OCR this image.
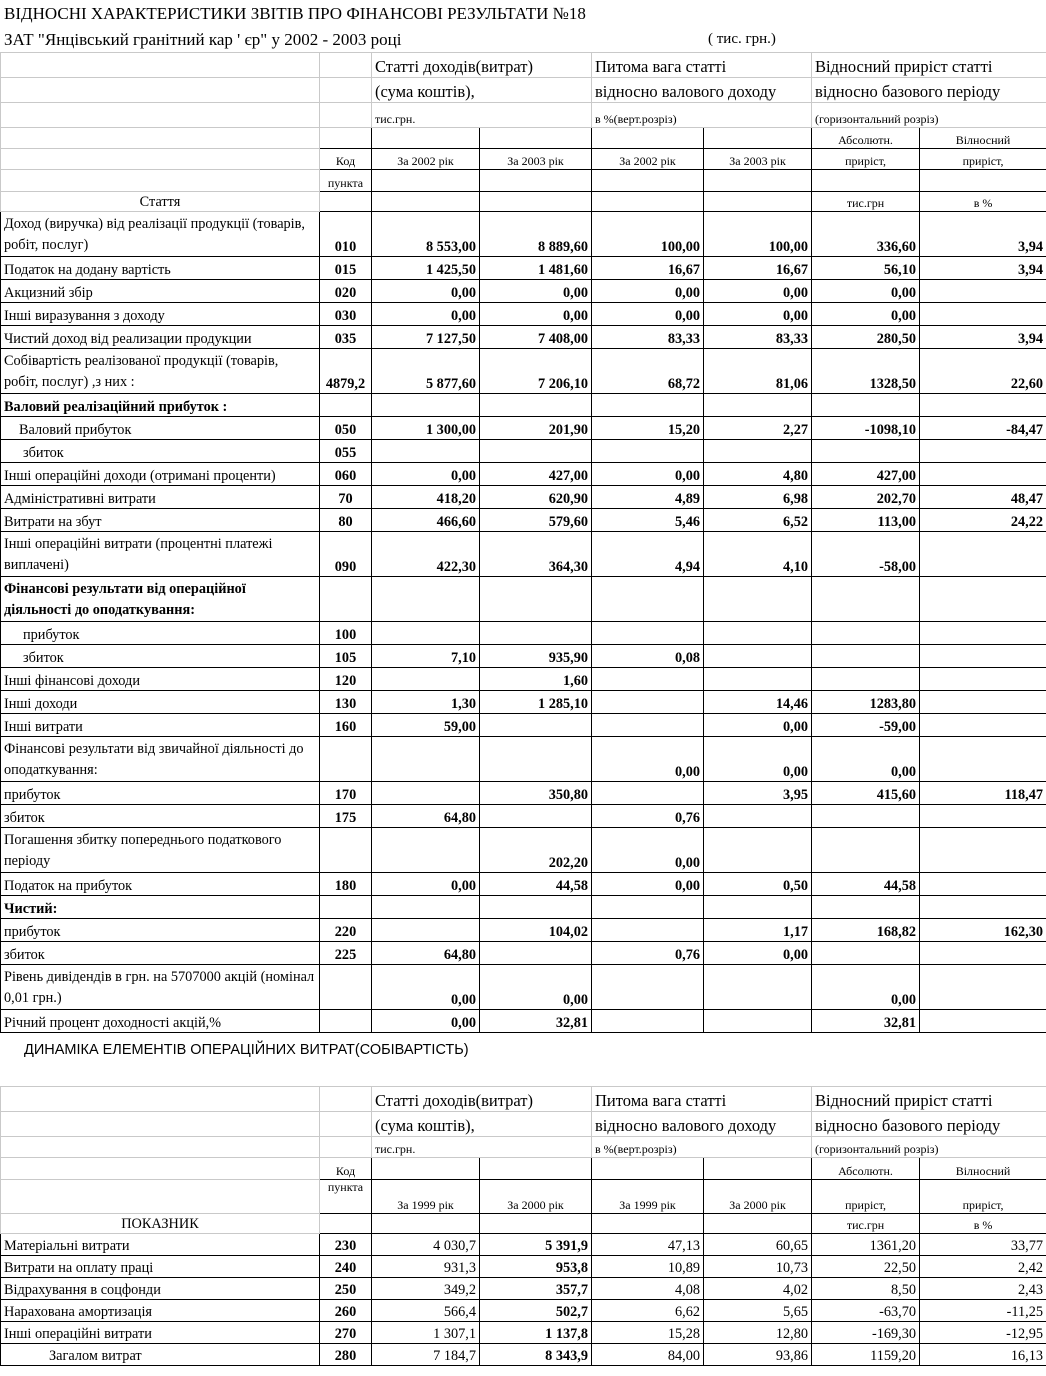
ВІДНОСНІ ХАРАКТЕРИСТИКИ ЗВІТІВ ПРО ФІНАНСОВІ РЕЗУЛЬТАТИ №18
ЗАТ "Янцівський гранітний кар ' єр" у 2002 - 2003 році	( тис. грн.)
		Статті доходів(витрат)		Питома вага статті		Відносний приріст статті	
		(сума коштів),		відносно валового доходу		відносно базового періоду	
		тис.грн.		в %(верт.розріз)		(горизонтальний розріз)	
						Абсолютн.	Вілносний
	Код	За 2002 рік	За 2003 рік	За 2002 рік	За 2003 рік	приріст,	приріст,
	пункта						
Стаття						тис.грн	в %
Доход (виручка) від реалізації продукції (товарів, робіт, послуг)	010	8 553,00	8 889,60	100,00	100,00	336,60	3,94
Податок на додану вартість	015	1 425,50	1 481,60	16,67	16,67	56,10	3,94
Акцизний збір	020	0,00	0,00	0,00	0,00	0,00	
Інші виразування з доходу	030	0,00	0,00	0,00	0,00	0,00	
Чистий доход від реализации продукции	035	7 127,50	7 408,00	83,33	83,33	280,50	3,94
Собівартість реалізованої продукції (товарів, робіт, послуг) ,з них :	4879,2	5 877,60	7 206,10	68,72	81,06	1328,50	22,60
Валовий реалізаційний прибуток :							
Валовий прибуток	050	1 300,00	201,90	15,20	2,27	-1098,10	-84,47
збиток	055						
Інші операційні доходи (отримані проценти)	060	0,00	427,00	0,00	4,80	427,00	
Адміністративні витрати	70	418,20	620,90	4,89	6,98	202,70	48,47
Витрати на збут	80	466,60	579,60	5,46	6,52	113,00	24,22
Інші операційні витрати (процентні платежі виплачені)	090	422,30	364,30	4,94	4,10	-58,00	
Фінансові результати від операційної діяльності до оподаткування:							
прибуток	100						
збиток	105	7,10	935,90	0,08			
Інші фінансові доходи	120		1,60				
Інші доходи	130	1,30	1 285,10		14,46	1283,80	
Інші витрати	160	59,00			0,00	-59,00	
Фінансові результати від звичайної діяльності до оподаткування:				0,00	0,00	0,00	
прибуток	170		350,80		3,95	415,60	118,47
збиток	175	64,80		0,76			
Погашення збитку попереднього податкового періоду			202,20	0,00			
Податок на прибуток	180	0,00	44,58	0,00	0,50	44,58	
Чистий:							
прибуток	220		104,02		1,17	168,82	162,30
збиток	225	64,80		0,76	0,00		
Рівень дивідендів в грн. на 5707000 акцій (номінал 0,01 грн.)		0,00	0,00			0,00	
Річний процент доходності акцій,%		0,00	32,81			32,81	
ДИНАМІКА ЕЛЕМЕНТІВ ОПЕРАЦІЙНИХ ВИТРАТ(СОБІВАРТІСТЬ)
		Статті доходів(витрат)		Питома вага статті		Відносний приріст статті	
		(сума коштів),		відносно валового доходу		відносно базового періоду	
		тис.грн.		в %(верт.розріз)		(горизонтальний розріз)	
	Код					Абсолютн.	Вілносний
	пункта	За 1999 рік	За 2000 рік	За 1999 рік	За 2000 рік	приріст,	приріст,
ПОКАЗНИК						тис.грн	в %
Матеріальні витрати	230	4 030,7	5 391,9	47,13	60,65	1361,20	33,77
Витрати на оплату праці	240	931,3	953,8	10,89	10,73	22,50	2,42
Відрахування в соцфонди	250	349,2	357,7	4,08	4,02	8,50	2,43
Нарахована амортизація	260	566,4	502,7	6,62	5,65	-63,70	-11,25
Інші операційні витрати	270	1 307,1	1 137,8	15,28	12,80	-169,30	-12,95
Загалом витрат	280	7 184,7	8 343,9	84,00	93,86	1159,20	16,13
